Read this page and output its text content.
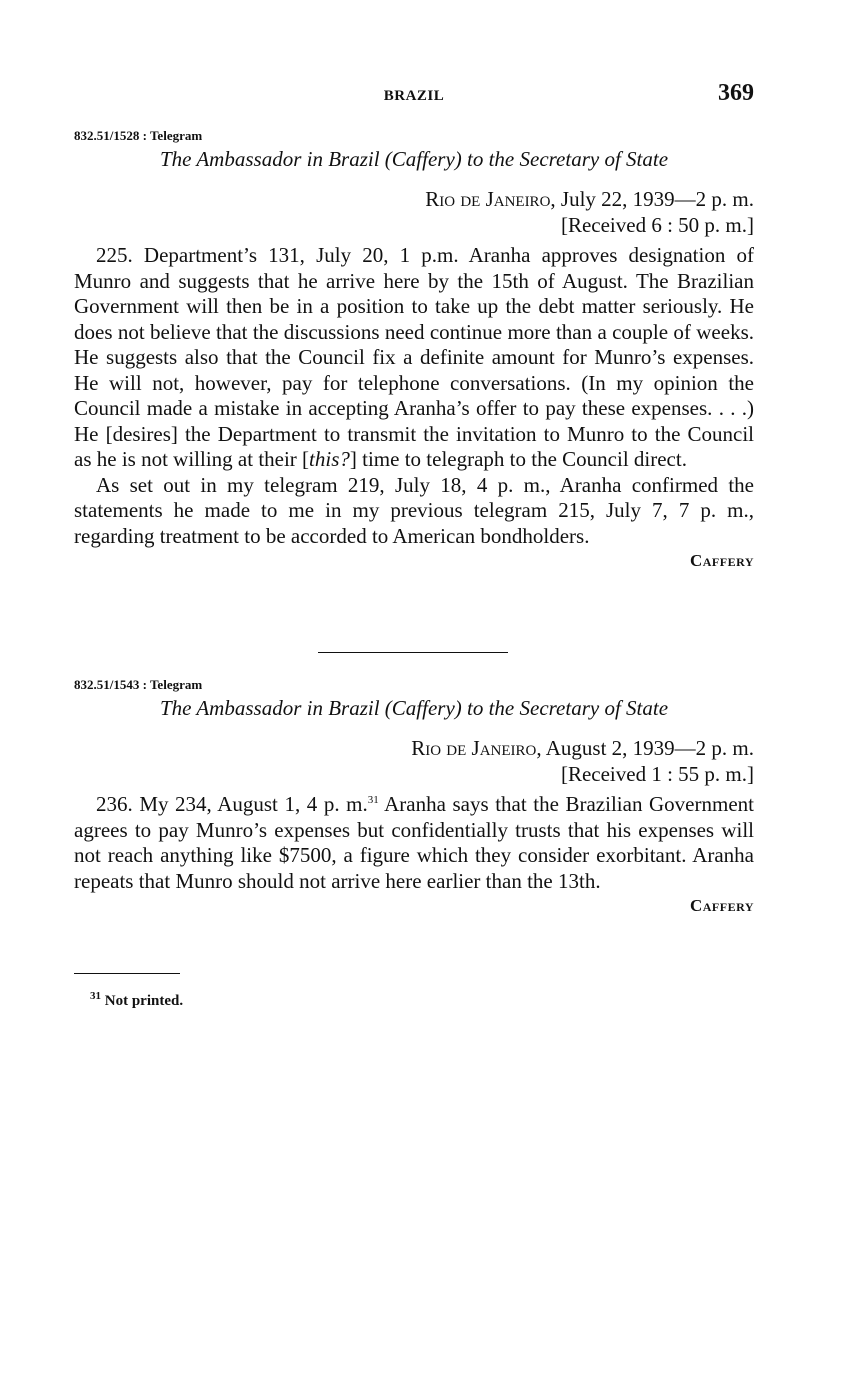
BRAZIL	369
832.51/1528 : Telegram
The Ambassador in Brazil (Caffery) to the Secretary of State
Rio de Janeiro, July 22, 1939—2 p. m.
[Received 6 : 50 p. m.]

225. Department’s 131, July 20, 1 p.m. Aranha approves designation of Munro and suggests that he arrive here by the 15th of August. The Brazilian Government will then be in a position to take up the debt matter seriously. He does not believe that the discussions need continue more than a couple of weeks. He suggests also that the Council fix a definite amount for Munro’s expenses. He will not, however, pay for telephone conversations. (In my opinion the Council made a mistake in accepting Aranha’s offer to pay these expenses. . . .) He [desires] the Department to transmit the invitation to Munro to the Council as he is not willing at their [this?] time to telegraph to the Council direct.

As set out in my telegram 219, July 18, 4 p. m., Aranha confirmed the statements he made to me in my previous telegram 215, July 7, 7 p. m., regarding treatment to be accorded to American bondholders.

Caffery
832.51/1543 : Telegram
The Ambassador in Brazil (Caffery) to the Secretary of State
Rio de Janeiro, August 2, 1939—2 p. m.
[Received 1 : 55 p. m.]

236. My 234, August 1, 4 p. m.$^{31}$ Aranha says that the Brazilian Government agrees to pay Munro’s expenses but confidentially trusts that his expenses will not reach anything like $7500, a figure which they consider exorbitant. Aranha repeats that Munro should not arrive here earlier than the 13th.

Caffery
$^{31}$ Not printed.
